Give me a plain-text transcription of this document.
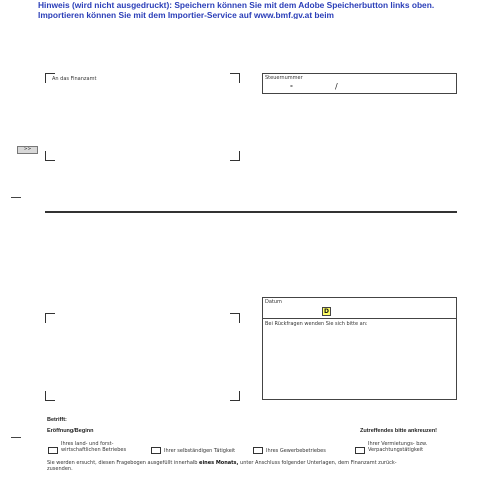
Hinweis (wird nicht ausgedruckt): Speichern können Sie mit dem Adobe Speicherbutton links oben. Importieren können Sie mit dem Importier-Service auf www.bmf.gv.at beim
An das Finanzamt	Steuernummer
-	/
>>
Datum
D
Bei Rückfragen wenden Sie sich bitte an:
Betrifft:
Eröffnung/Beginn	Zutreffendes bitte ankreuzen!
Ihres land- und forst-
wirtschaftlichen Betriebes	Ihrer selbständigen Tätigkeit	Ihres Gewerbebetriebes
Ihrer Vermietungs- bzw.
Verpachtungstätigkeit
Sie werden ersucht, diesen Fragebogen ausgefüllt innerhalb eines Monats, unter Anschluss folgender Unterlagen, dem Finanzamt zurück-
zusenden.
